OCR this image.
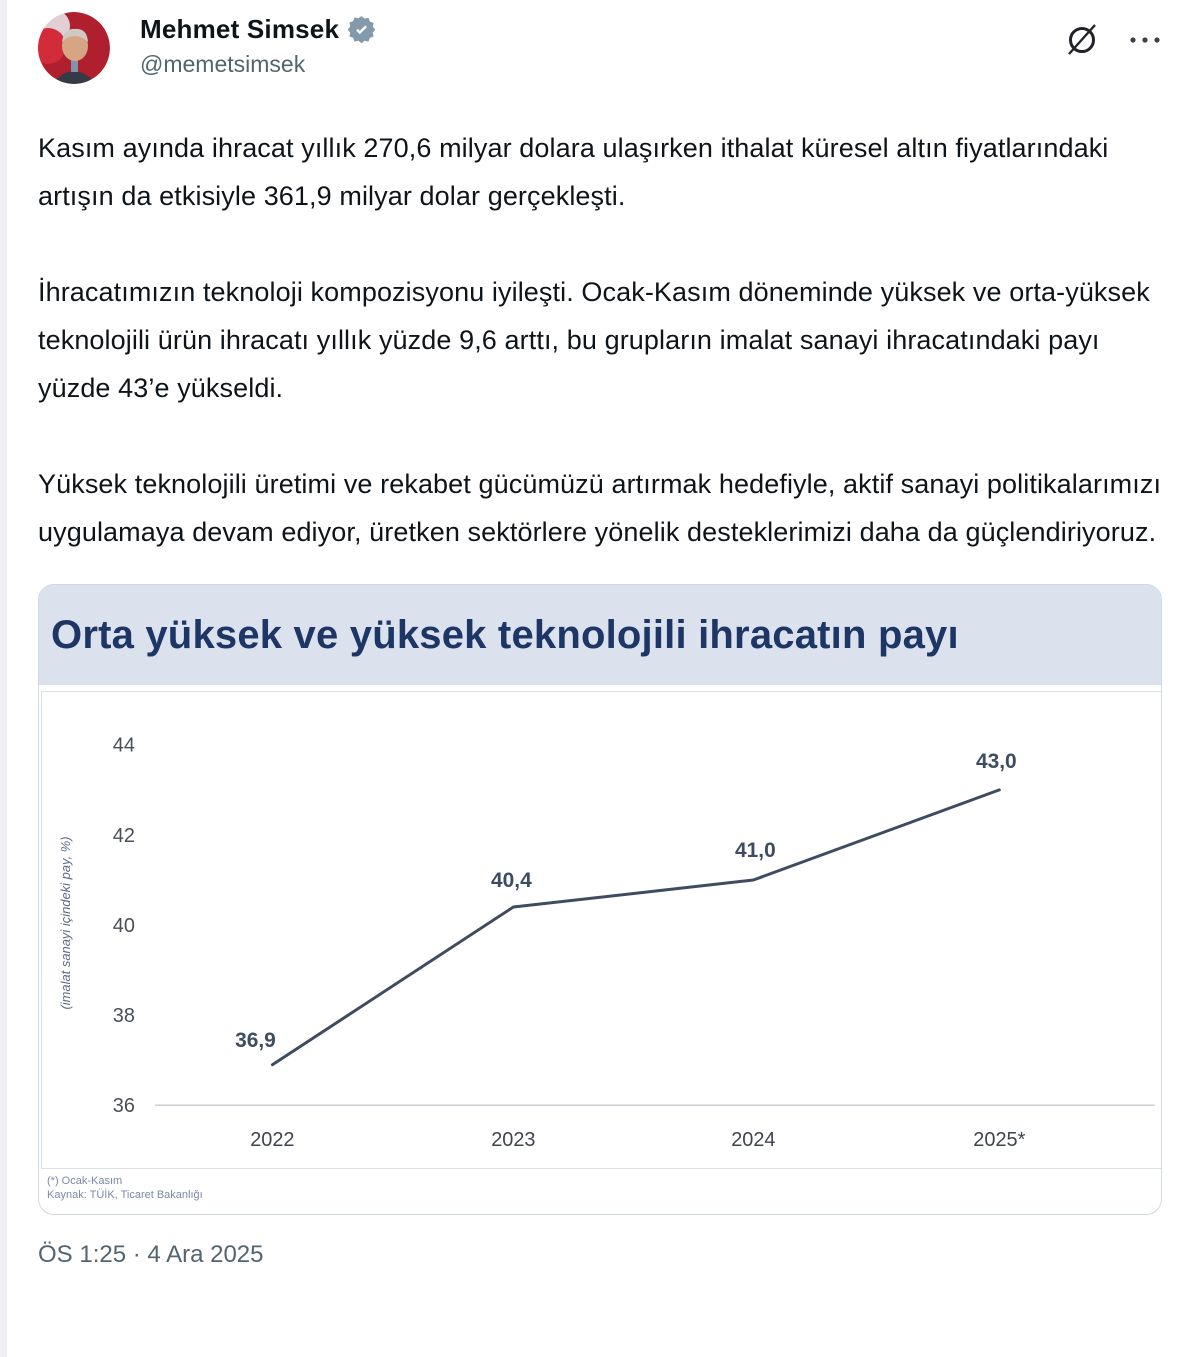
Mehmet Simsek
@memetsimsek

Kasım ayında ihracat yıllık 270,6 milyar dolara ulaşırken ithalat küresel altın fiyatlarındaki artışın da etkisiyle 361,9 milyar dolar gerçekleşti.

İhracatımızın teknoloji kompozisyonu iyileşti. Ocak-Kasım döneminde yüksek ve orta-yüksek teknolojili ürün ihracatı yıllık yüzde 9,6 arttı, bu grupların imalat sanayi ihracatındaki payı yüzde 43’e yükseldi.

Yüksek teknolojili üretimi ve rekabet gücümüzü artırmak hedefiyle, aktif sanayi politikalarımızı uygulamaya devam ediyor, üretken sektörlere yönelik desteklerimizi daha da güçlendiriyoruz.

Orta yüksek ve yüksek teknolojili ihracatın payı
44
42
40
38
36
(imalat sanayi içindeki pay, %)
36,9
40,4
41,0
43,0
2022	2023	2024	2025*
(*) Ocak-Kasım
Kaynak: TÜİK, Ticaret Bakanlığı
ÖS 1:25 · 4 Ara 2025
